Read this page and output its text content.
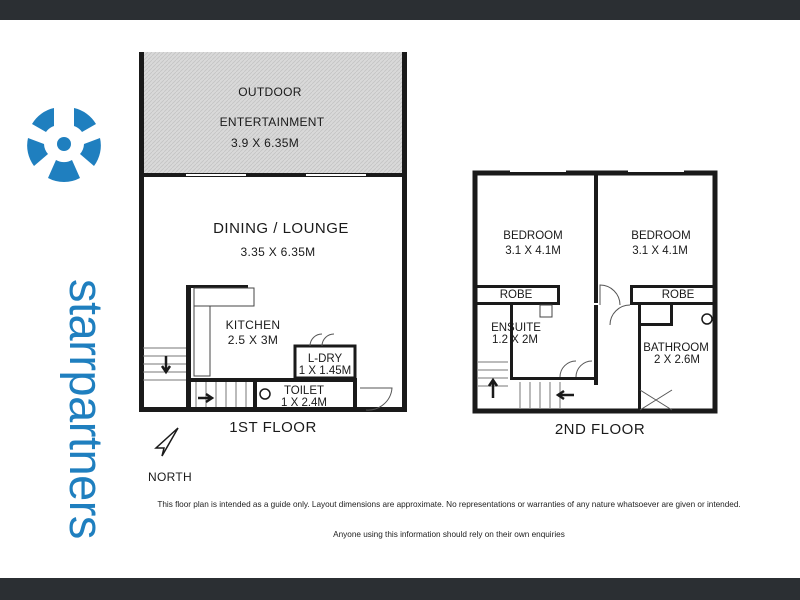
starrpartners
OUTDOOR
ENTERTAINMENT
3.9 X 6.35M
DINING / LOUNGE
3.35 X 6.35M
KITCHEN
2.5 X 3M
L-DRY
1 X 1.45M
TOILET
1 X 2.4M
1ST FLOOR
NORTH
BEDROOM
3.1 X 4.1M
BEDROOM
3.1 X 4.1M
ROBE	ROBE
ENSUITE
1.2 X 2M
BATHROOM
2 X 2.6M
2ND FLOOR
This floor plan is intended as a guide only. Layout dimensions are approximate. No representations or warranties of any nature whatsoever are given or intended.
Anyone using this information should rely on their own enquiries
